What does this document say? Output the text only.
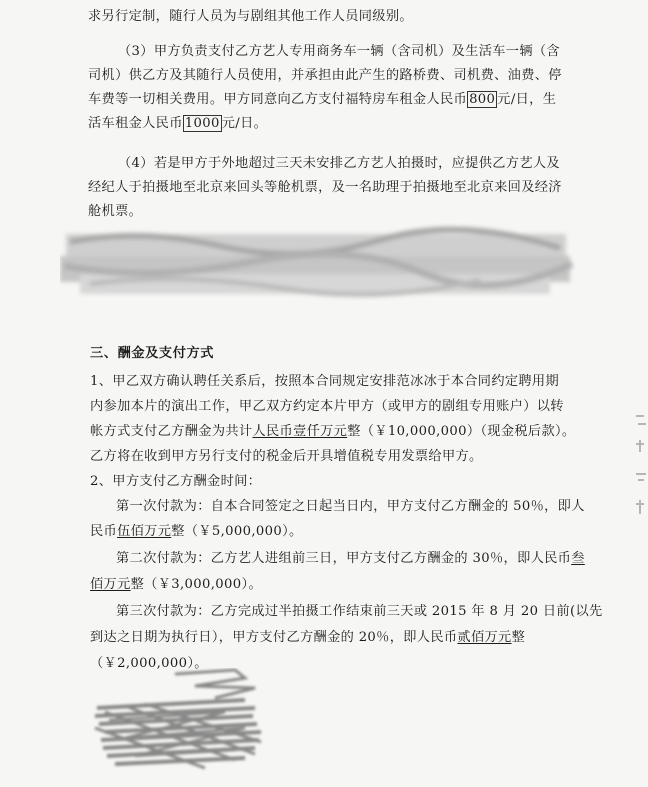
求另行定制，随行人员为与剧组其他工作人员同级别。
（3）甲方负责支付乙方艺人专用商务车一辆（含司机）及生活车一辆（含
司机）供乙方及其随行人员使用，并承担由此产生的路桥费、司机费、油费、停
车费等一切相关费用。甲方同意向乙方支付福特房车租金人民币 800 元/日，生
活车租金人民币 1000 元/日。
（4）若是甲方于外地超过三天未安排乙方艺人拍摄时，应提供乙方艺人及
经纪人于拍摄地至北京来回头等舱机票，及一名助理于拍摄地至北京来回及经济
舱机票。
三、酬金及支付方式
1、甲乙双方确认聘任关系后，按照本合同规定安排范冰冰于本合同约定聘用期
内参加本片的演出工作，甲乙双方约定本片甲方（或甲方的剧组专用账户）以转
帐方式支付乙方酬金为共计人民币壹仟万元整（￥10,000,000）（现金税后款）。
乙方将在收到甲方另行支付的税金后开具增值税专用发票给甲方。
2、甲方支付乙方酬金时间：
第一次付款为：自本合同签定之日起当日内，甲方支付乙方酬金的 50％，即人
民币伍佰万元整（￥5,000,000）。
第二次付款为：乙方艺人进组前三日，甲方支付乙方酬金的 30％，即人民币叁
佰万元整（￥3,000,000）。
第三次付款为：乙方完成过半拍摄工作结束前三天或 2015 年 8 月 20 日前(以先
到达之日期为执行日），甲方支付乙方酬金的 20％，即人民币贰佰万元整
（￥2,000,000）。
